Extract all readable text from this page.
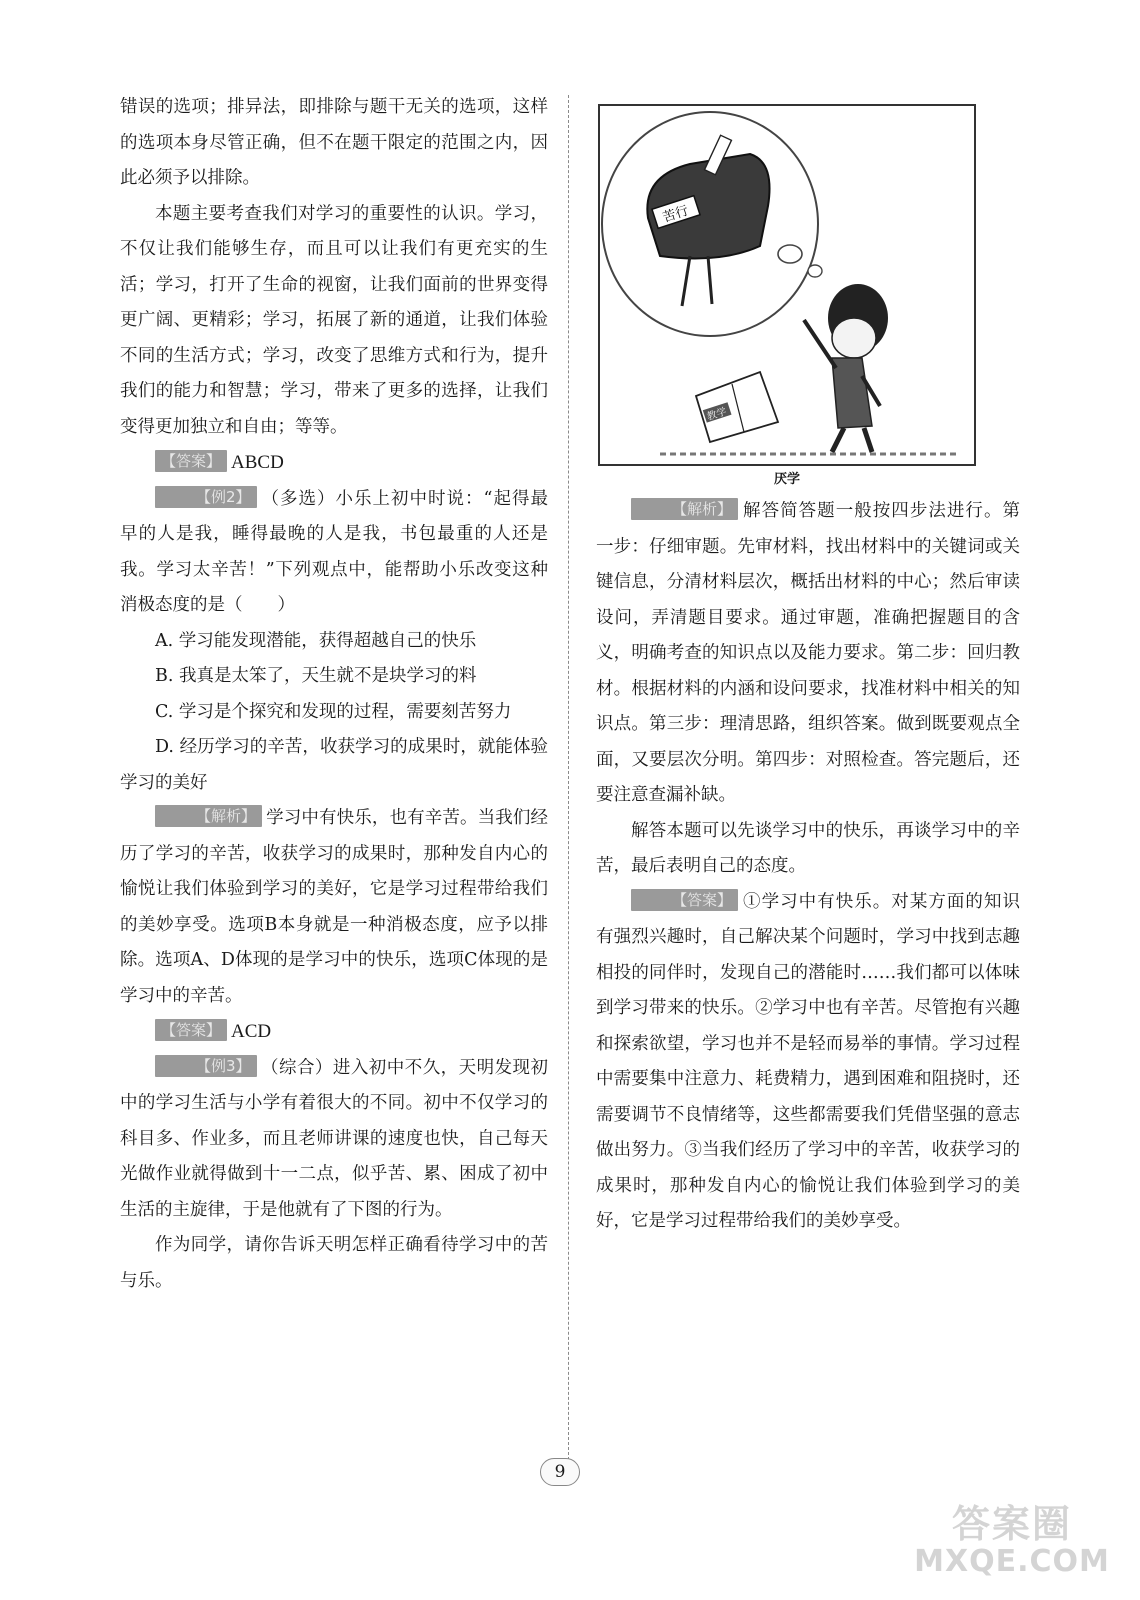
错误的选项；排异法，即排除与题干无关的选项，这样的选项本身尽管正确，但不在题干限定的范围之内，因此必须予以排除。

本题主要考查我们对学习的重要性的认识。学习，不仅让我们能够生存，而且可以让我们有更充实的生活；学习，打开了生命的视窗，让我们面前的世界变得更广阔、更精彩；学习，拓展了新的通道，让我们体验不同的生活方式；学习，改变了思维方式和行为，提升我们的能力和智慧；学习，带来了更多的选择，让我们变得更加独立和自由；等等。

【答案】 ABCD

【例2】 （多选）小乐上初中时说：“起得最早的人是我，睡得最晚的人是我，书包最重的人还是我。学习太辛苦！”下列观点中，能帮助小乐改变这种消极态度的是（　　）

A. 学习能发现潜能，获得超越自己的快乐

B. 我真是太笨了，天生就不是块学习的料

C. 学习是个探究和发现的过程，需要刻苦努力

D. 经历学习的辛苦，收获学习的成果时，就能体验学习的美好

【解析】 学习中有快乐，也有辛苦。当我们经历了学习的辛苦，收获学习的成果时，那种发自内心的愉悦让我们体验到学习的美好，它是学习过程带给我们的美妙享受。选项B本身就是一种消极态度，应予以排除。选项A、D体现的是学习中的快乐，选项C体现的是学习中的辛苦。

【答案】 ACD

【例3】 （综合）进入初中不久，天明发现初中的学习生活与小学有着很大的不同。初中不仅学习的科目多、作业多，而且老师讲课的速度也快，自己每天光做作业就得做到十一二点，似乎苦、累、困成了初中生活的主旋律，于是他就有了下图的行为。

作为同学，请你告诉天明怎样正确看待学习中的苦与乐。

苦行
教学
厌学

【解析】 解答简答题一般按四步法进行。第一步：仔细审题。先审材料，找出材料中的关键词或关键信息，分清材料层次，概括出材料的中心；然后审读设问，弄清题目要求。通过审题，准确把握题目的含义，明确考查的知识点以及能力要求。第二步：回归教材。根据材料的内涵和设问要求，找准材料中相关的知识点。第三步：理清思路，组织答案。做到既要观点全面，又要层次分明。第四步：对照检查。答完题后，还要注意查漏补缺。

解答本题可以先谈学习中的快乐，再谈学习中的辛苦，最后表明自己的态度。

【答案】 ①学习中有快乐。对某方面的知识有强烈兴趣时，自己解决某个问题时，学习中找到志趣相投的同伴时，发现自己的潜能时……我们都可以体味到学习带来的快乐。②学习中也有辛苦。尽管抱有兴趣和探索欲望，学习也并不是轻而易举的事情。学习过程中需要集中注意力、耗费精力，遇到困难和阻挠时，还需要调节不良情绪等，这些都需要我们凭借坚强的意志做出努力。③当我们经历了学习中的辛苦，收获学习的成果时，那种发自内心的愉悦让我们体验到学习的美好，它是学习过程带给我们的美妙享受。

9
答案圈
MXQE.COM
